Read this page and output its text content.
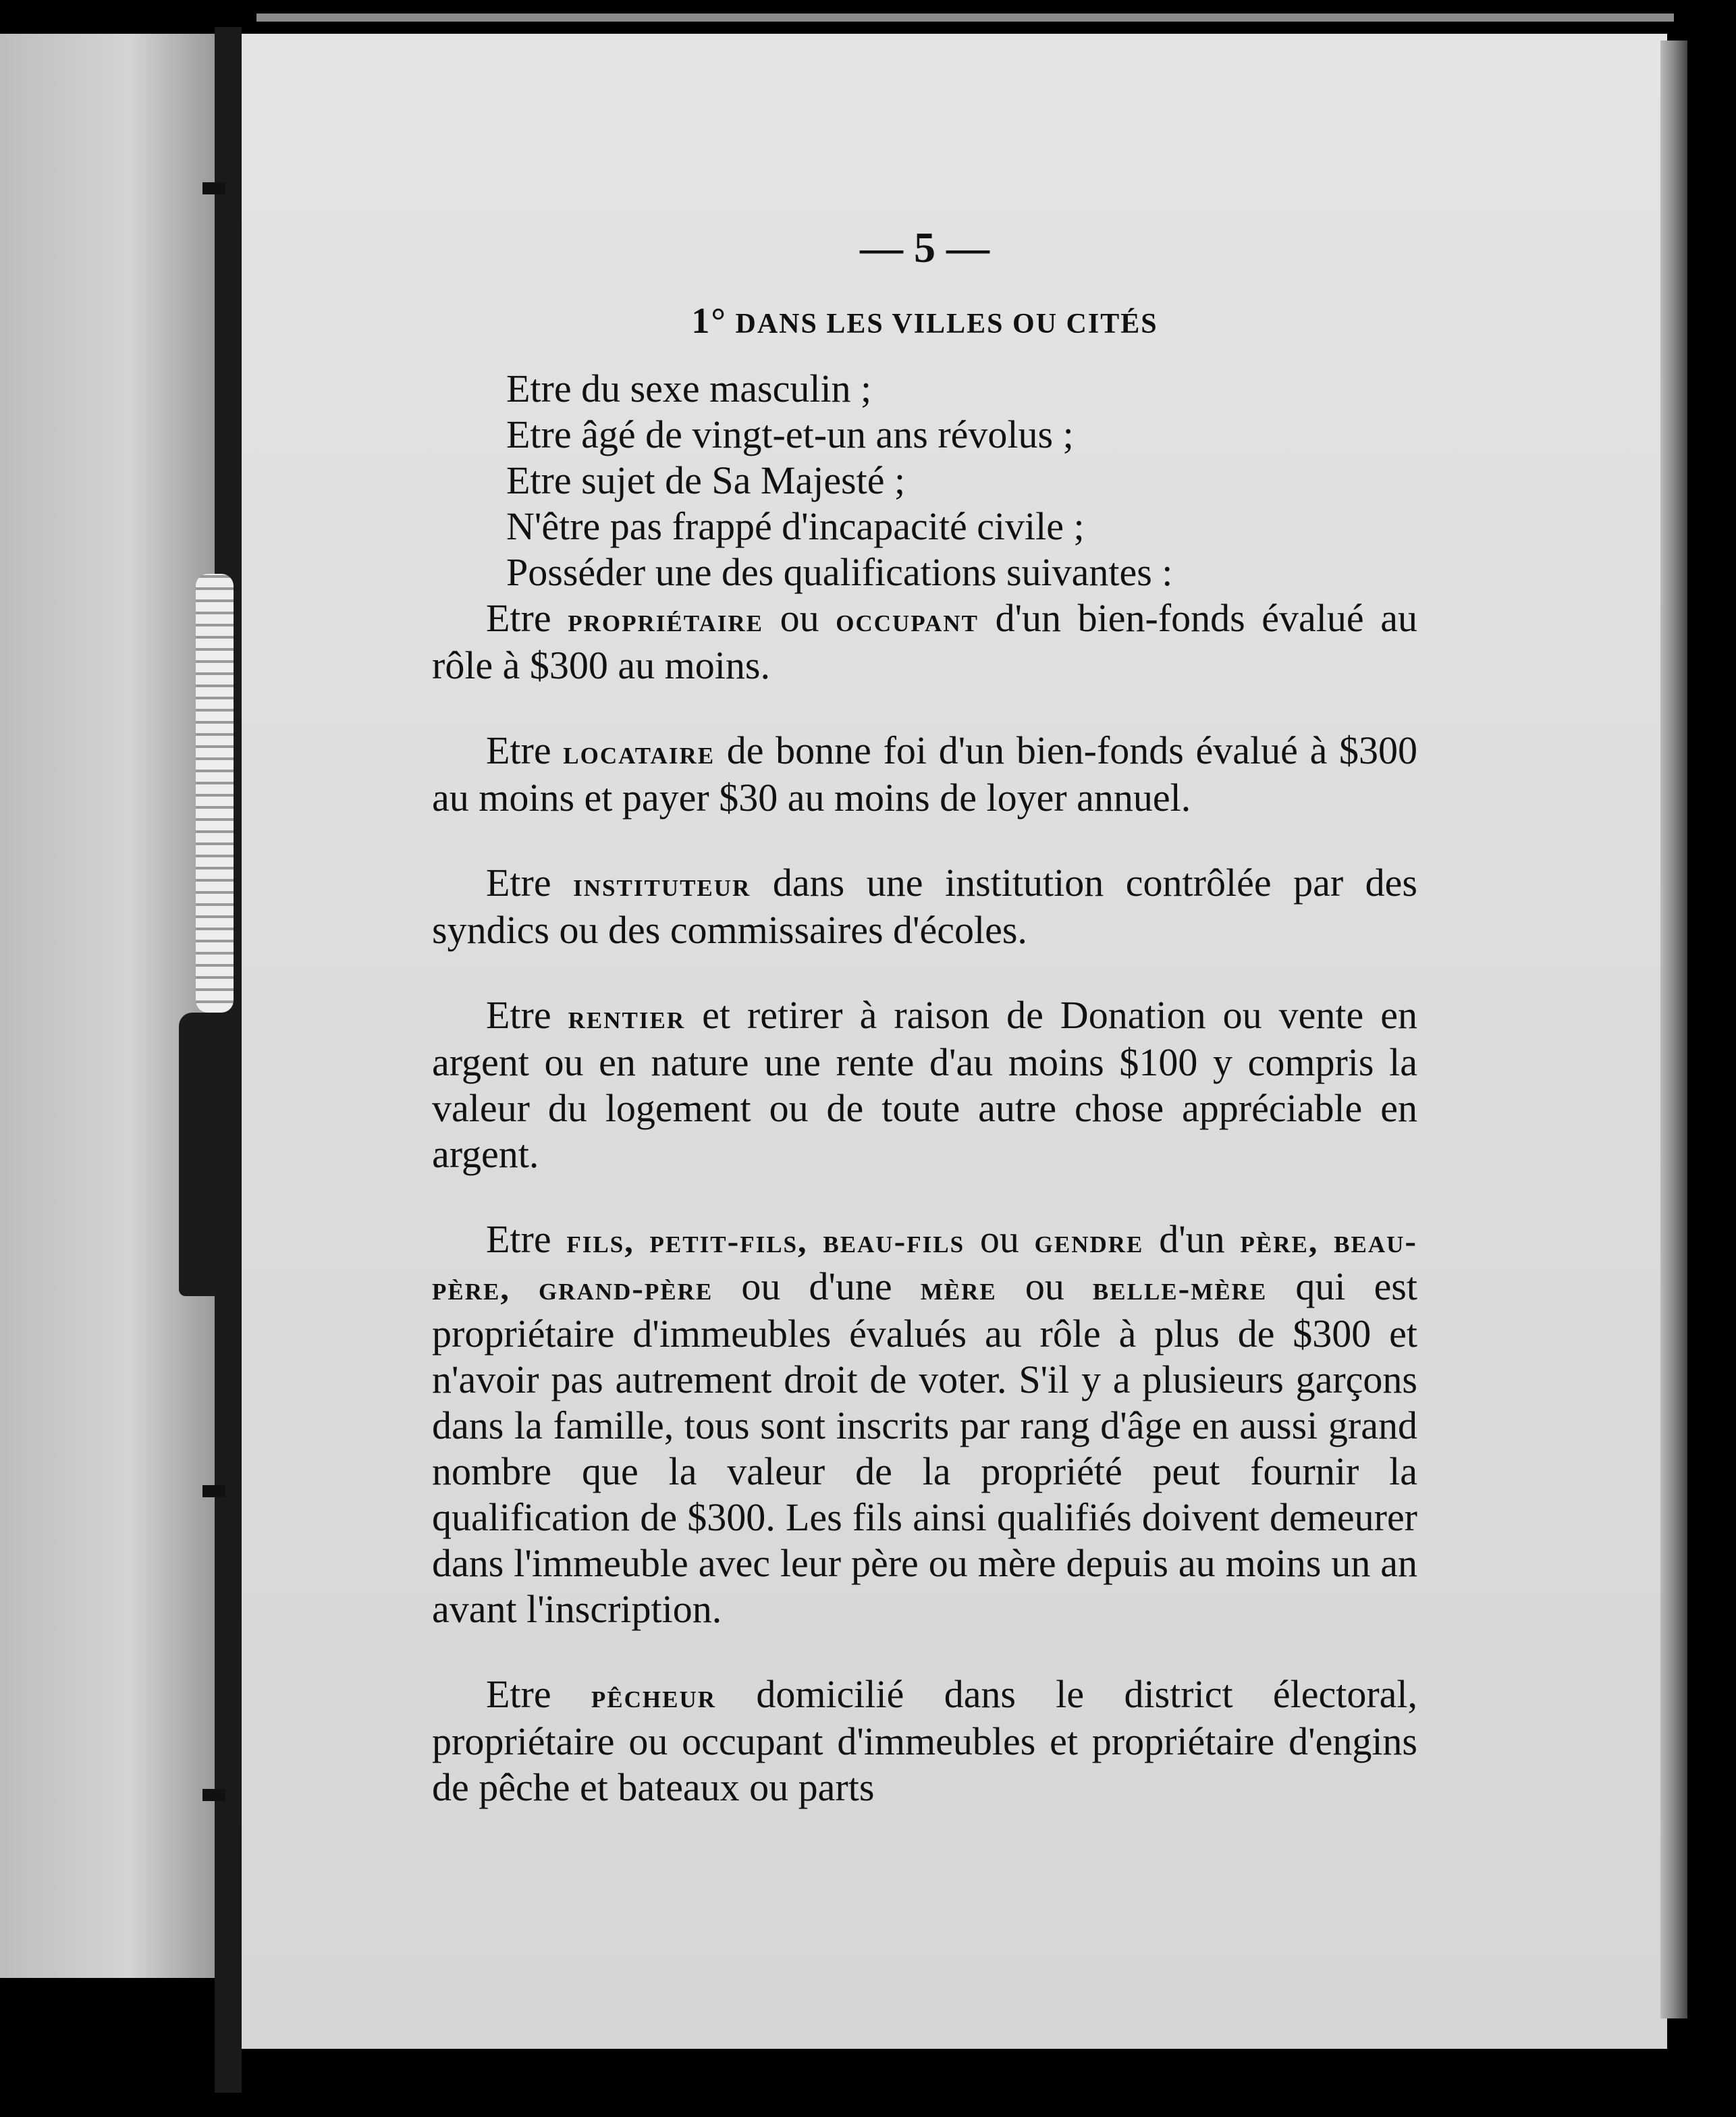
— 5 —
1° DANS LES VILLES OU CITÉS
Etre du sexe masculin ;
Etre âgé de vingt-et-un ans révolus ;
Etre sujet de Sa Majesté ;
N'être pas frappé d'incapacité civile ;
Posséder une des qualifications suivantes :

Etre propriétaire ou occupant d'un bien-fonds évalué au rôle à $300 au moins.

Etre locataire de bonne foi d'un bien-fonds évalué à $300 au moins et payer $30 au moins de loyer annuel.

Etre instituteur dans une institution contrôlée par des syndics ou des commissaires d'écoles.

Etre rentier et retirer à raison de Donation ou vente en argent ou en nature une rente d'au moins $100 y compris la valeur du logement ou de toute autre chose appréciable en argent.

Etre fils, petit-fils, beau-fils ou gendre d'un père, beau-père, grand-père ou d'une mère ou belle-mère qui est propriétaire d'immeubles évalués au rôle à plus de $300 et n'avoir pas autrement droit de voter. S'il y a plusieurs garçons dans la famille, tous sont inscrits par rang d'âge en aussi grand nombre que la valeur de la propriété peut fournir la qualification de $300. Les fils ainsi qualifiés doivent demeurer dans l'immeuble avec leur père ou mère depuis au moins un an avant l'inscription.

Etre pêcheur domicilié dans le district électoral, propriétaire ou occupant d'immeubles et propriétaire d'engins de pêche et bateaux ou parts
